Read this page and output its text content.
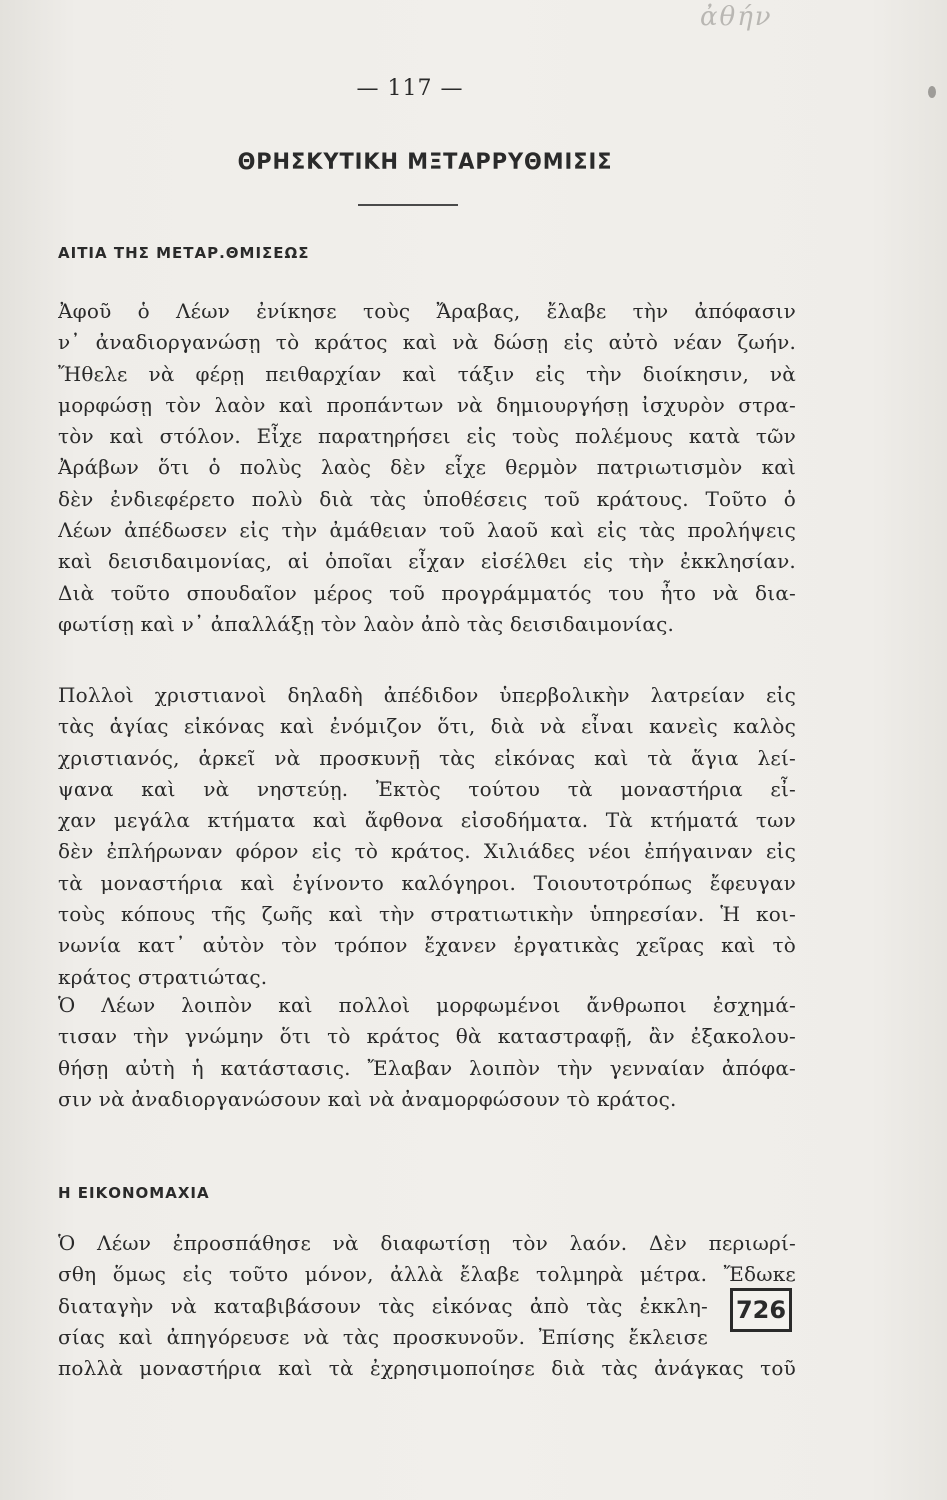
ἀθήν
— 117 —
ΘΡΗΣΚΥΤΙΚΗ ΜΞΤΑΡΡΥΘΜΙΣΙΣ
ΑΙΤΙΑ ΤΗΣ ΜΕΤΑΡ.ΘΜΙΣΕΩΣ
Ἀφοῦ ὁ Λέων ἐνίκησε τοὺς Ἄραβας, ἔλαβε τὴν ἀπόφασιν
ν᾽ ἀναδιοργανώσῃ τὸ κράτος καὶ νὰ δώσῃ εἰς αὐτὸ νέαν ζωήν.
Ἤθελε νὰ φέρῃ πειθαρχίαν καὶ τάξιν εἰς τὴν διοίκησιν, νὰ
μορφώσῃ τὸν λαὸν καὶ προπάντων νὰ δημιουργήσῃ ἰσχυρὸν στρα-
τὸν καὶ στόλον. Εἶχε παρατηρήσει εἰς τοὺς πολέμους κατὰ τῶν
Ἀράβων ὅτι ὁ πολὺς λαὸς δὲν εἶχε θερμὸν πατριωτισμὸν καὶ
δὲν ἐνδιεφέρετο πολὺ διὰ τὰς ὑποθέσεις τοῦ κράτους. Τοῦτο ὁ
Λέων ἀπέδωσεν εἰς τὴν ἀμάθειαν τοῦ λαοῦ καὶ εἰς τὰς προλήψεις
καὶ δεισιδαιμονίας, αἱ ὁποῖαι εἶχαν εἰσέλθει εἰς τὴν ἐκκλησίαν.
Διὰ τοῦτο σπουδαῖον μέρος τοῦ προγράμματός του ἦτο νὰ δια-
φωτίσῃ καὶ ν᾽ ἀπαλλάξῃ τὸν λαὸν ἀπὸ τὰς δεισιδαιμονίας.
Πολλοὶ χριστιανοὶ δηλαδὴ ἀπέδιδον ὑπερβολικὴν λατρείαν εἰς
τὰς ἁγίας εἰκόνας καὶ ἐνόμιζον ὅτι, διὰ νὰ εἶναι κανεὶς καλὸς
χριστιανός, ἀρκεῖ νὰ προσκυνῇ τὰς εἰκόνας καὶ τὰ ἅγια λεί-
ψανα καὶ νὰ νηστεύῃ. Ἐκτὸς τούτου τὰ μοναστήρια εἶ-
χαν μεγάλα κτήματα καὶ ἄφθονα εἰσοδήματα. Τὰ κτήματά των
δὲν ἐπλήρωναν φόρον εἰς τὸ κράτος. Χιλιάδες νέοι ἐπήγαιναν εἰς
τὰ μοναστήρια καὶ ἐγίνοντο καλόγηροι. Τοιουτοτρόπως ἔφευγαν
τοὺς κόπους τῆς ζωῆς καὶ τὴν στρατιωτικὴν ὑπηρεσίαν. Ἡ κοι-
νωνία κατ᾽ αὐτὸν τὸν τρόπον ἔχανεν ἐργατικὰς χεῖρας καὶ τὸ
κράτος στρατιώτας.
Ὁ Λέων λοιπὸν καὶ πολλοὶ μορφωμένοι ἄνθρωποι ἐσχημά-
τισαν τὴν γνώμην ὅτι τὸ κράτος θὰ καταστραφῇ, ἂν ἐξακολου-
θήσῃ αὐτὴ ἡ κατάστασις. Ἔλαβαν λοιπὸν τὴν γενναίαν ἀπόφα-
σιν νὰ ἀναδιοργανώσουν καὶ νὰ ἀναμορφώσουν τὸ κράτος.
Η ΕΙΚΟΝΟΜΑΧΙΑ
Ὁ Λέων ἐπροσπάθησε νὰ διαφωτίσῃ τὸν λαόν. Δὲν περιωρί-
σθη ὅμως εἰς τοῦτο μόνον, ἀλλὰ ἔλαβε τολμηρὰ μέτρα. Ἔδωκε
διαταγὴν νὰ καταβιβάσουν τὰς εἰκόνας ἀπὸ τὰς ἐκκλη-
σίας καὶ ἀπηγόρευσε νὰ τὰς προσκυνοῦν. Ἐπίσης ἔκλεισε
πολλὰ μοναστήρια καὶ τὰ ἐχρησιμοποίησε διὰ τὰς ἀνάγκας τοῦ
726
